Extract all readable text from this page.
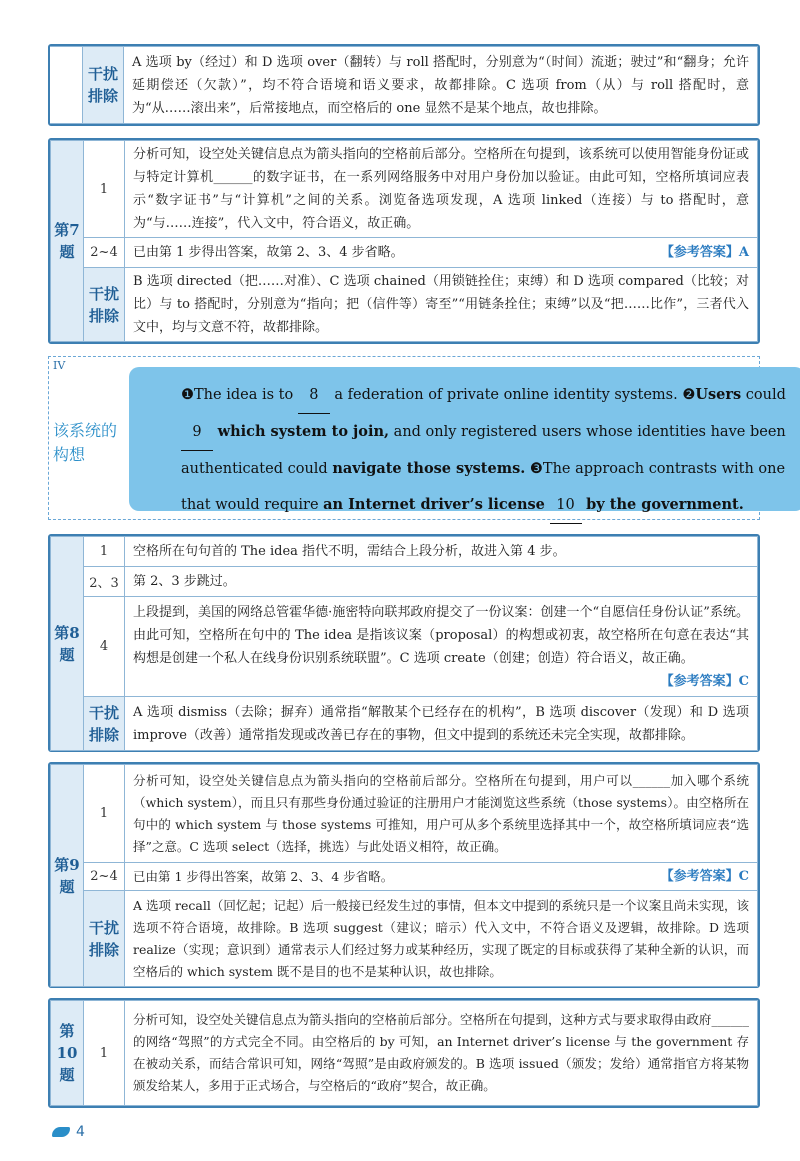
	干扰排除	A 选项 by（经过）和 D 选项 over（翻转）与 roll 搭配时，分别意为“（时间）流逝；驶过”和“翻身；允许延期偿还（欠款）”，均不符合语境和语义要求，故都排除。C 选项 from（从）与 roll 搭配时，意为“从……滚出来”，后常接地点，而空格后的 one 显然不是某个地点，故也排除。
第7题	1	分析可知，设空处关键信息点为箭头指向的空格前后部分。空格所在句提到，该系统可以使用智能身份证或与特定计算机______的数字证书，在一系列网络服务中对用户身份加以验证。由此可知，空格所填词应表示“数字证书”与“计算机”之间的关系。浏览备选项发现，A 选项 linked（连接）与 to 搭配时，意为“与……连接”，代入文中，符合语义，故正确。
	2~4	已由第 1 步得出答案，故第 2、3、4 步省略。 【参考答案】A

	干扰排除	B 选项 directed（把……对准）、C 选项 chained（用锁链拴住；束缚）和 D 选项 compared（比较；对比）与 to 搭配时，分别意为“指向；把（信件等）寄至”“用链条拴住；束缚”以及“把……比作”，三者代入文中，均与文意不符，故都排除。
IV
该系统的构想
❶The idea is to 8 a federation of private online identity systems. ❷Users could 9 which system to join, and only registered users whose identities have been authenticated could navigate those systems. ❸The approach contrasts with one that would require an Internet driver’s license 10 by the government.
第8题	1	空格所在句句首的 The idea 指代不明，需结合上段分析，故进入第 4 步。
	2、3	第 2、3 步跳过。
	4	上段提到，美国的网络总管霍华德·施密特向联邦政府提交了一份议案：创建一个“自愿信任身份认证”系统。由此可知，空格所在句中的 The idea 是指该议案（proposal）的构想或初衷，故空格所在句意在表达“其构想是创建一个私人在线身份识别系统联盟”。C 选项 create（创建；创造）符合语义，故正确。
【参考答案】C

	干扰排除	A 选项 dismiss（去除；摒弃）通常指“解散某个已经存在的机构”，B 选项 discover（发现）和 D 选项 improve（改善）通常指发现或改善已存在的事物，但文中提到的系统还未完全实现，故都排除。
第9题	1	分析可知，设空处关键信息点为箭头指向的空格前后部分。空格所在句提到，用户可以______加入哪个系统（which system），而且只有那些身份通过验证的注册用户才能浏览这些系统（those systems）。由空格所在句中的 which system 与 those systems 可推知，用户可从多个系统里选择其中一个，故空格所填词应表“选择”之意。C 选项 select（选择，挑选）与此处语义相符，故正确。
	2~4	已由第 1 步得出答案，故第 2、3、4 步省略。 【参考答案】C

	干扰排除	A 选项 recall（回忆起；记起）后一般接已经发生过的事情，但本文中提到的系统只是一个议案且尚未实现，该选项不符合语境，故排除。B 选项 suggest（建议；暗示）代入文中，不符合语义及逻辑，故排除。D 选项 realize（实现；意识到）通常表示人们经过努力或某种经历，实现了既定的目标或获得了某种全新的认识，而空格后的 which system 既不是目的也不是某种认识，故也排除。
第10题	1	分析可知，设空处关键信息点为箭头指向的空格前后部分。空格所在句提到，这种方式与要求取得由政府______的网络“驾照”的方式完全不同。由空格后的 by 可知，an Internet driver’s license 与 the government 存在被动关系，而结合常识可知，网络“驾照”是由政府颁发的。B 选项 issued（颁发；发给）通常指官方将某物颁发给某人，多用于正式场合，与空格后的“政府”契合，故正确。
4
